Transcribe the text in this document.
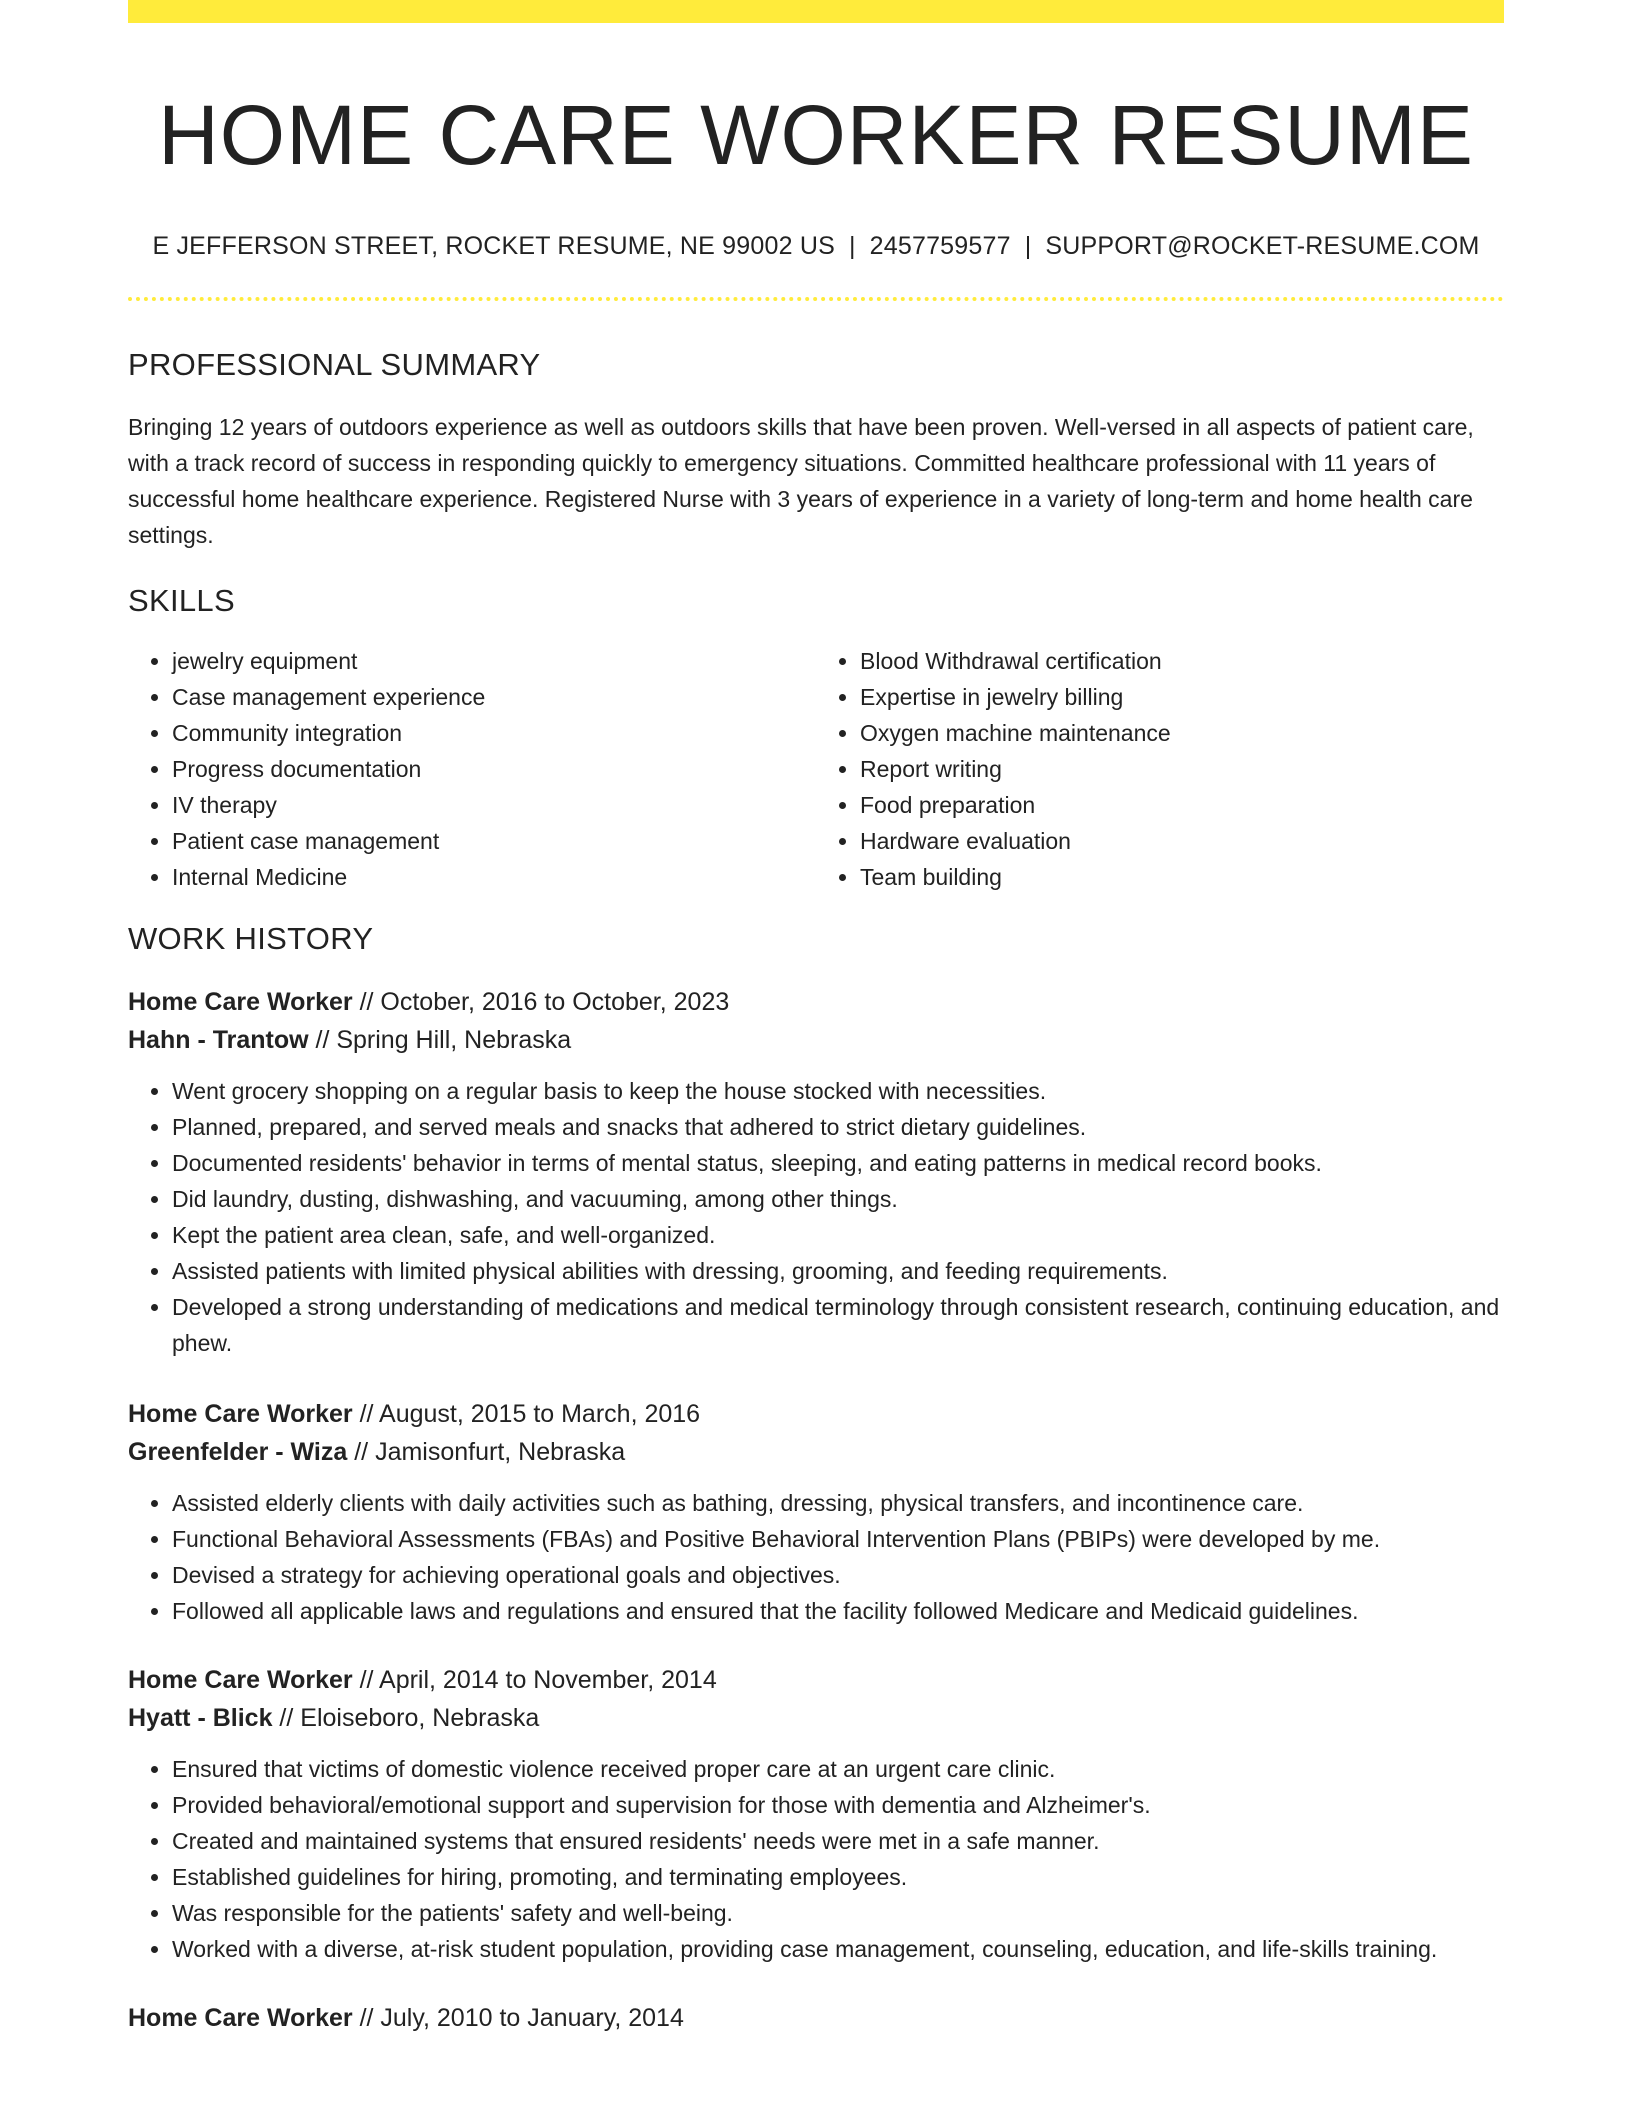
HOME CARE WORKER RESUME
E JEFFERSON STREET, ROCKET RESUME, NE 99002 US | 2457759577 | SUPPORT@ROCKET-RESUME.COM
PROFESSIONAL SUMMARY
Bringing 12 years of outdoors experience as well as outdoors skills that have been proven. Well-versed in all aspects of patient care, with a track record of success in responding quickly to emergency situations. Committed healthcare professional with 11 years of successful home healthcare experience. Registered Nurse with 3 years of experience in a variety of long-term and home health care settings.
SKILLS
• jewelry equipment
• Case management experience
• Community integration
• Progress documentation
• IV therapy
• Patient case management
• Internal Medicine
• Blood Withdrawal certification
• Expertise in jewelry billing
• Oxygen machine maintenance
• Report writing
• Food preparation
• Hardware evaluation
• Team building
WORK HISTORY
Home Care Worker // October, 2016 to October, 2023
Hahn - Trantow // Spring Hill, Nebraska
• Went grocery shopping on a regular basis to keep the house stocked with necessities.
• Planned, prepared, and served meals and snacks that adhered to strict dietary guidelines.
• Documented residents' behavior in terms of mental status, sleeping, and eating patterns in medical record books.
• Did laundry, dusting, dishwashing, and vacuuming, among other things.
• Kept the patient area clean, safe, and well-organized.
• Assisted patients with limited physical abilities with dressing, grooming, and feeding requirements.
• Developed a strong understanding of medications and medical terminology through consistent research, continuing education, and phew.
Home Care Worker // August, 2015 to March, 2016
Greenfelder - Wiza // Jamisonfurt, Nebraska
• Assisted elderly clients with daily activities such as bathing, dressing, physical transfers, and incontinence care.
• Functional Behavioral Assessments (FBAs) and Positive Behavioral Intervention Plans (PBIPs) were developed by me.
• Devised a strategy for achieving operational goals and objectives.
• Followed all applicable laws and regulations and ensured that the facility followed Medicare and Medicaid guidelines.
Home Care Worker // April, 2014 to November, 2014
Hyatt - Blick // Eloiseboro, Nebraska
• Ensured that victims of domestic violence received proper care at an urgent care clinic.
• Provided behavioral/emotional support and supervision for those with dementia and Alzheimer's.
• Created and maintained systems that ensured residents' needs were met in a safe manner.
• Established guidelines for hiring, promoting, and terminating employees.
• Was responsible for the patients' safety and well-being.
• Worked with a diverse, at-risk student population, providing case management, counseling, education, and life-skills training.
Home Care Worker // July, 2010 to January, 2014
